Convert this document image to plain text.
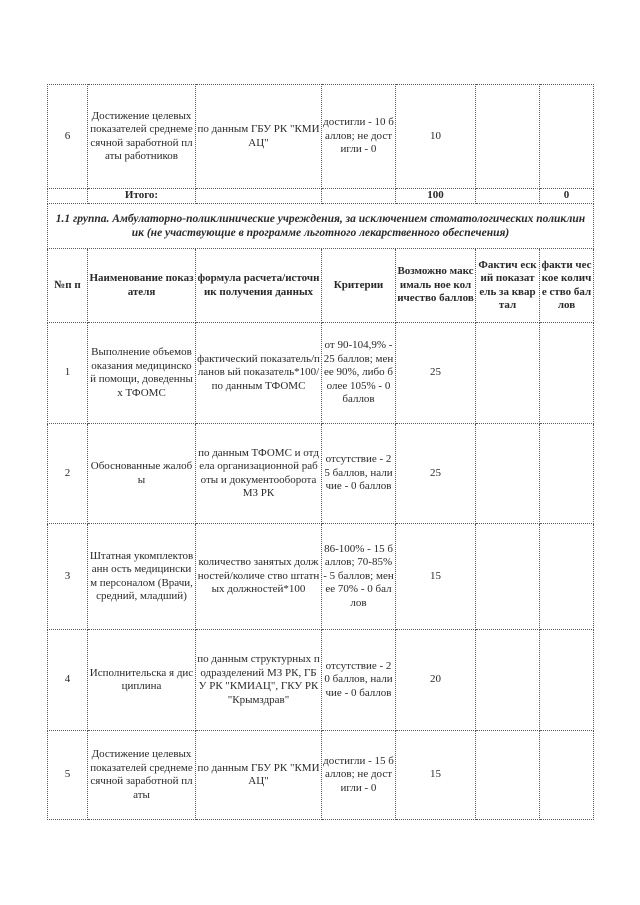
6	Достижение целевых показателей среднемесячной заработной платы работников	по данным ГБУ РК "КМИАЦ"	достигли - 10 баллов; не достигли - 0	10		
	Итого:			100		0
1.1 группа. Амбулаторно-поликлинические учреждения, за исключением стоматологических поликлиник (не участвующие в программе льготного лекарственного обеспечения)						
№п п	Наименование показателя	формула расчета/источник получения данных	Критерии	Возможно максималь ное количество баллов	Фактич еский показат ель за квартал	факти ческое количе ство баллов
1	Выполнение объемов оказания медицинской помощи, доведенных ТФОМС	фактический показатель/планов ый показатель*100/по данным ТФОМС	от 90-104,9% - 25 баллов; менее 90%, либо более 105% - 0 баллов	25		
2	Обоснованные жалобы	по данным ТФОМС и отдела организационной работы и документооборота МЗ РК	отсутствие - 25 баллов, наличие - 0 баллов	25		
3	Штатная укомплектованн ость медицинским персоналом (Врачи, средний, младший)	количество занятых должностей/количе ство штатных должностей*100	86-100% - 15 баллов; 70-85% - 5 баллов; менее 70% - 0 баллов	15		
4	Исполнительска я дисциплина	по данным структурных подразделений МЗ РК, ГБУ РК "КМИАЦ", ГКУ РК "Крымздрав"	отсутствие - 20 баллов, наличие - 0 баллов	20		
5	Достижение целевых показателей среднемесячной заработной платы	по данным ГБУ РК "КМИАЦ"	достигли - 15 баллов; не достигли - 0	15		
